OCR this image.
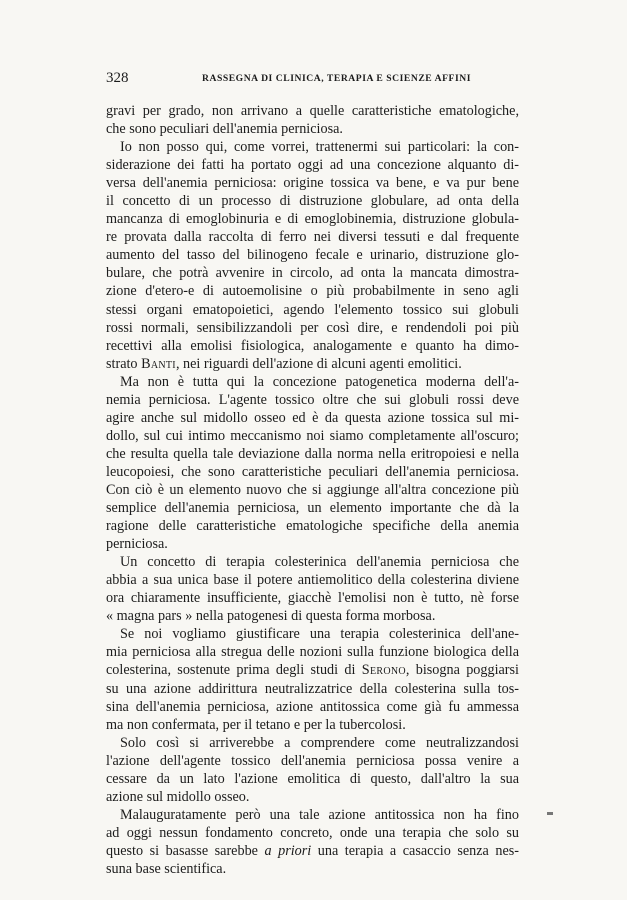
328	RASSEGNA DI CLINICA, TERAPIA E SCIENZE AFFINI
gravi per grado, non arrivano a quelle caratteristiche ematologiche,
che sono peculiari dell'anemia perniciosa.
Io non posso qui, come vorrei, trattenermi sui particolari: la con-
siderazione dei fatti ha portato oggi ad una concezione alquanto di-
versa dell'anemia perniciosa: origine tossica va bene, e va pur bene
il concetto di un processo di distruzione globulare, ad onta della
mancanza di emoglobinuria e di emoglobinemia, distruzione globula-
re provata dalla raccolta di ferro nei diversi tessuti e dal frequente
aumento del tasso del bilinogeno fecale e urinario, distruzione glo-
bulare, che potrà avvenire in circolo, ad onta la mancata dimostra-
zione d'etero-e di autoemolisine o più probabilmente in seno agli
stessi organi ematopoietici, agendo l'elemento tossico sui globuli
rossi normali, sensibilizzandoli per così dire, e rendendoli poi più
recettivi alla emolisi fisiologica, analogamente e quanto ha dimo-
strato Banti, nei riguardi dell'azione di alcuni agenti emolitici.
Ma non è tutta qui la concezione patogenetica moderna dell'a-
nemia perniciosa. L'agente tossico oltre che sui globuli rossi deve
agire anche sul midollo osseo ed è da questa azione tossica sul mi-
dollo, sul cui intimo meccanismo noi siamo completamente all'oscuro;
che resulta quella tale deviazione dalla norma nella eritropoiesi e nella
leucopoiesi, che sono caratteristiche peculiari dell'anemia perniciosa.
Con ciò è un elemento nuovo che si aggiunge all'altra concezione più
semplice dell'anemia perniciosa, un elemento importante che dà la
ragione delle caratteristiche ematologiche specifiche della anemia
perniciosa.
Un concetto di terapia colesterinica dell'anemia perniciosa che
abbia a sua unica base il potere antiemolitico della colesterina diviene
ora chiaramente insufficiente, giacchè l'emolisi non è tutto, nè forse
« magna pars » nella patogenesi di questa forma morbosa.
Se noi vogliamo giustificare una terapia colesterinica dell'ane-
mia perniciosa alla stregua delle nozioni sulla funzione biologica della
colesterina, sostenute prima degli studi di Serono, bisogna poggiarsi
su una azione addirittura neutralizzatrice della colesterina sulla tos-
sina dell'anemia perniciosa, azione antitossica come già fu ammessa
ma non confermata, per il tetano e per la tubercolosi.
Solo così si arriverebbe a comprendere come neutralizzandosi
l'azione dell'agente tossico dell'anemia perniciosa possa venire a
cessare da un lato l'azione emolitica di questo, dall'altro la sua
azione sul midollo osseo.
Malauguratamente però una tale azione antitossica non ha fino
ad oggi nessun fondamento concreto, onde una terapia che solo su
questo si basasse sarebbe a priori una terapia a casaccio senza nes-
suna base scientifica.
